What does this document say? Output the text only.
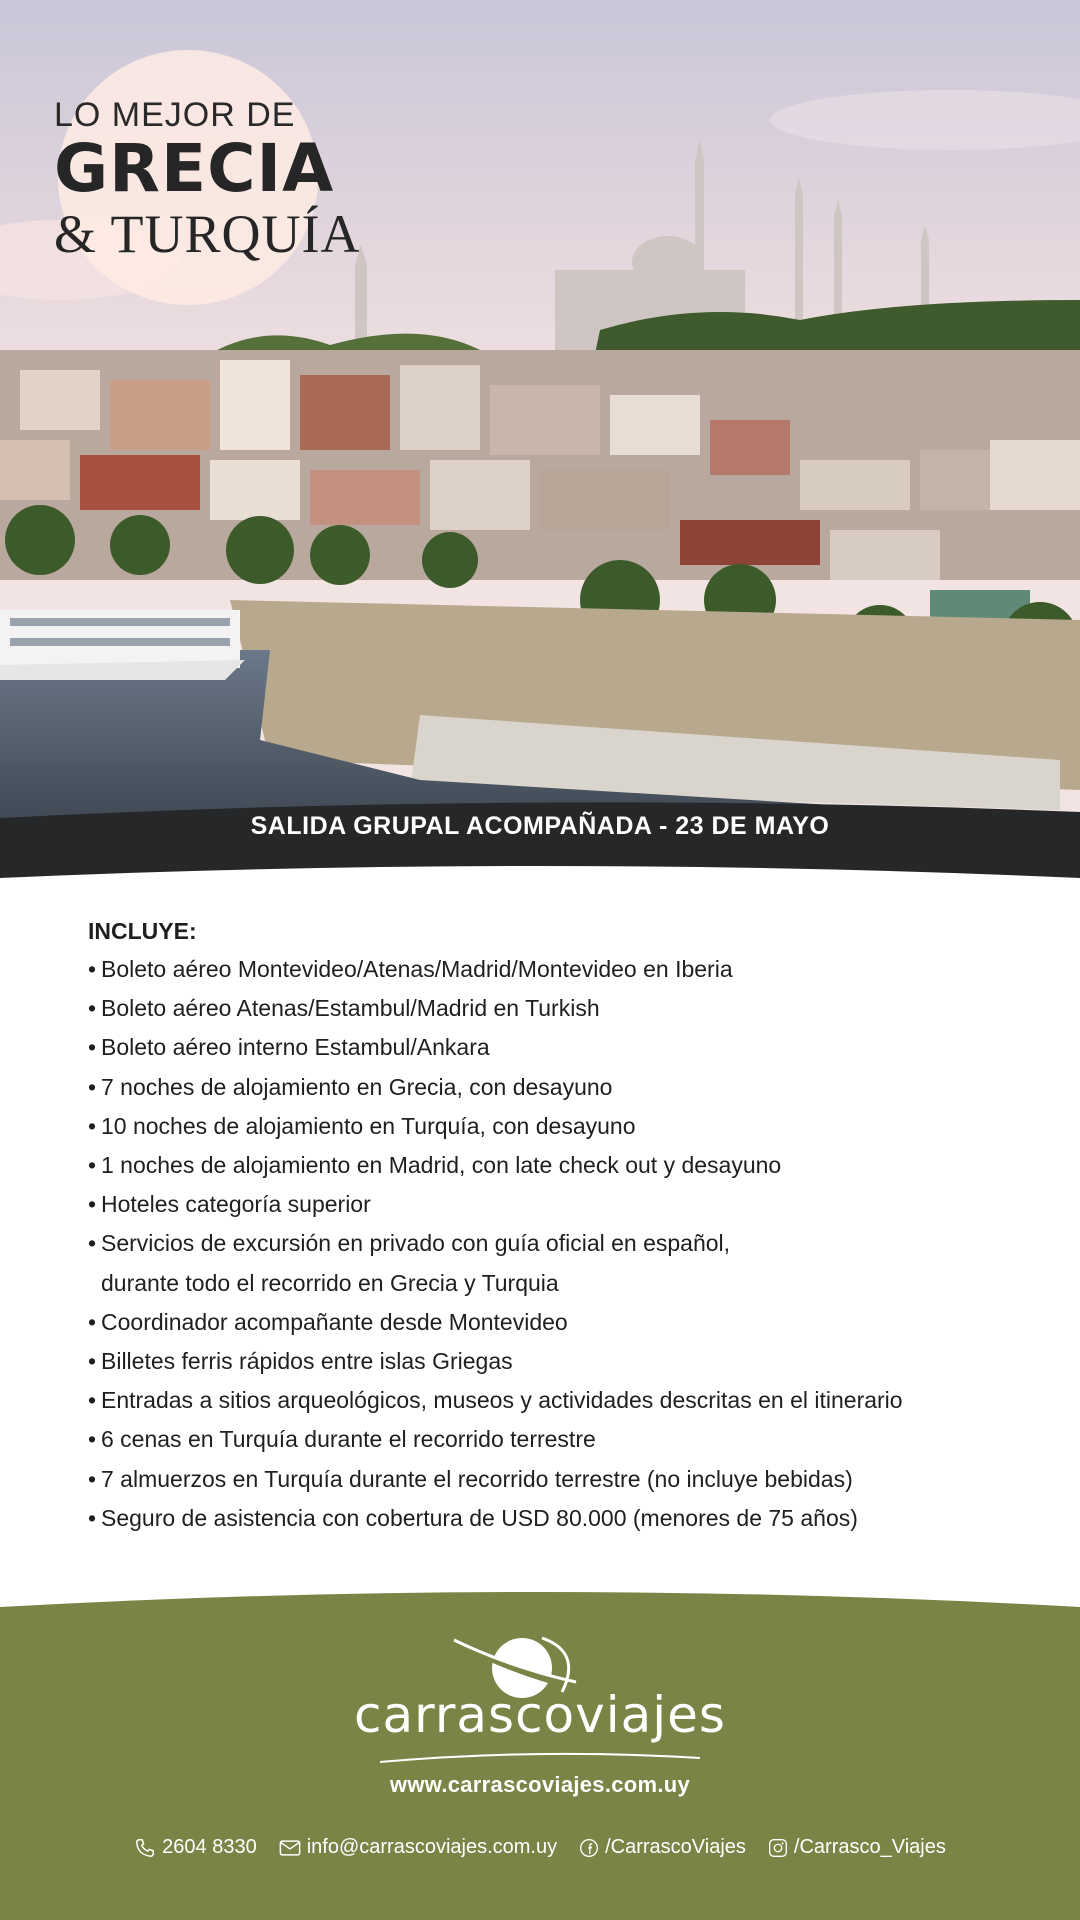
LO MEJOR DE
GRECIA
& TURQUÍA
SALIDA GRUPAL ACOMPAÑADA - 23 DE MAYO
INCLUYE:
• Boleto aéreo Montevideo/Atenas/Madrid/Montevideo en Iberia
• Boleto aéreo Atenas/Estambul/Madrid en Turkish
• Boleto aéreo interno Estambul/Ankara
• 7 noches de alojamiento en Grecia, con desayuno
• 10 noches de alojamiento en Turquía, con desayuno
• 1 noches de alojamiento en Madrid, con late check out y desayuno
• Hoteles categoría superior
• Servicios de excursión en privado con guía oficial en español,
durante todo el recorrido en Grecia y Turquia
• Coordinador acompañante desde Montevideo
• Billetes ferris rápidos entre islas Griegas
• Entradas a sitios arqueológicos, museos y actividades descritas en el itinerario
• 6 cenas en Turquía durante el recorrido terrestre
• 7 almuerzos en Turquía durante el recorrido terrestre (no incluye bebidas)
• Seguro de asistencia con cobertura de USD 80.000 (menores de 75 años)
carrascoviajes
www.carrascoviajes.com.uy
2604 8330	info@carrascoviajes.com.uy /CarrascoViajes /Carrasco_Viajes
